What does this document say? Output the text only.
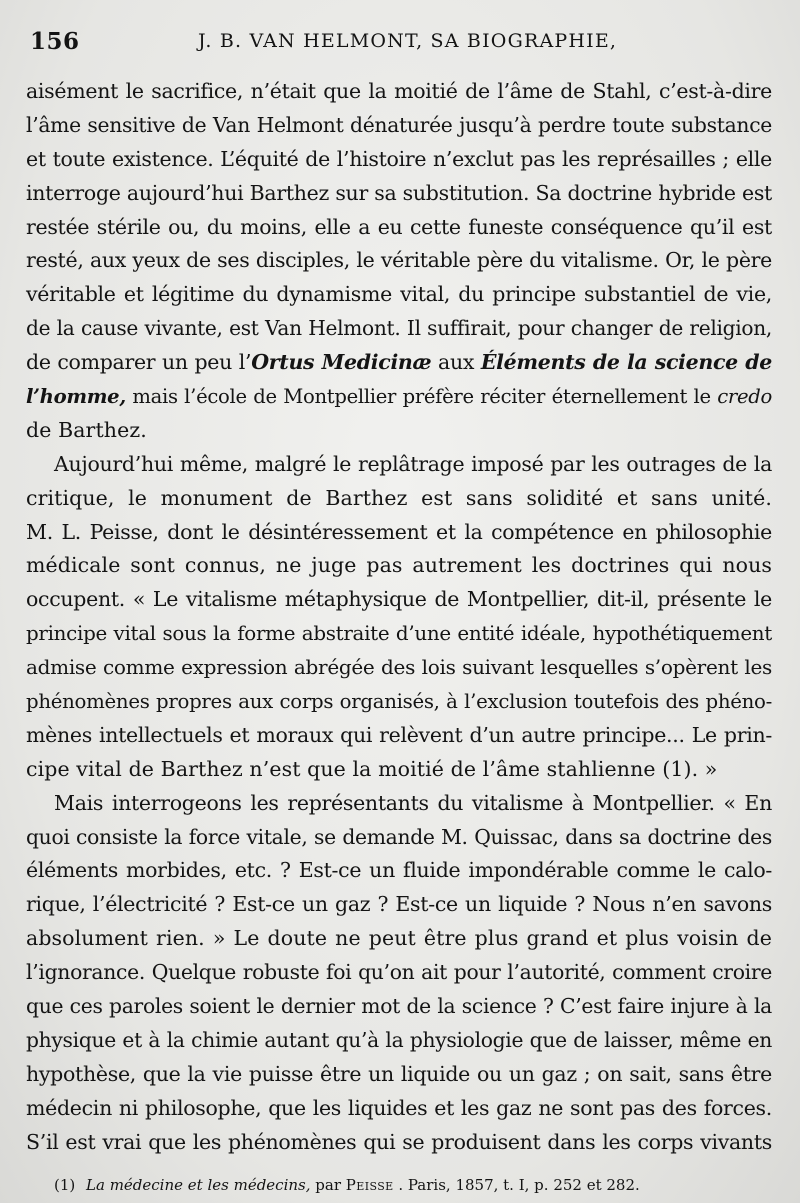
156	J. B. VAN HELMONT, SA BIOGRAPHIE,
aisément le sacrifice, n’était que la moitié de l’âme de Stahl, c’est-à-dire
l’âme sensitive de Van Helmont dénaturée jusqu’à perdre toute substance
et toute existence. L’équité de l’histoire n’exclut pas les représailles ; elle
interroge aujourd’hui Barthez sur sa substitution. Sa doctrine hybride est
restée stérile ou, du moins, elle a eu cette funeste conséquence qu’il est
resté, aux yeux de ses disciples, le véritable père du vitalisme. Or, le père
véritable et légitime du dynamisme vital, du principe substantiel de vie,
de la cause vivante, est Van Helmont. Il suffirait, pour changer de religion,
de comparer un peu l’Ortus Medicinæ aux Éléments de la science de
l’homme, mais l’école de Montpellier préfère réciter éternellement le credo
de Barthez.
Aujourd’hui même, malgré le replâtrage imposé par les outrages de la
critique, le monument de Barthez est sans solidité et sans unité.
M. L. Peisse, dont le désintéressement et la compétence en philosophie
médicale sont connus, ne juge pas autrement les doctrines qui nous
occupent. « Le vitalisme métaphysique de Montpellier, dit-il, présente le
principe vital sous la forme abstraite d’une entité idéale, hypothétiquement
admise comme expression abrégée des lois suivant lesquelles s’opèrent les
phénomènes propres aux corps organisés, à l’exclusion toutefois des phéno-
mènes intellectuels et moraux qui relèvent d’un autre principe... Le prin-
cipe vital de Barthez n’est que la moitié de l’âme stahlienne (1). »
Mais interrogeons les représentants du vitalisme à Montpellier. « En
quoi consiste la force vitale, se demande M. Quissac, dans sa doctrine des
éléments morbides, etc. ? Est-ce un fluide impondérable comme le calo-
rique, l’électricité ? Est-ce un gaz ? Est-ce un liquide ? Nous n’en savons
absolument rien. » Le doute ne peut être plus grand et plus voisin de
l’ignorance. Quelque robuste foi qu’on ait pour l’autorité, comment croire
que ces paroles soient le dernier mot de la science ? C’est faire injure à la
physique et à la chimie autant qu’à la physiologie que de laisser, même en
hypothèse, que la vie puisse être un liquide ou un gaz ; on sait, sans être
médecin ni philosophe, que les liquides et les gaz ne sont pas des forces.
S’il est vrai que les phénomènes qui se produisent dans les corps vivants
(1) La médecine et les médecins, par Peisse . Paris, 1857, t. I, p. 252 et 282.
